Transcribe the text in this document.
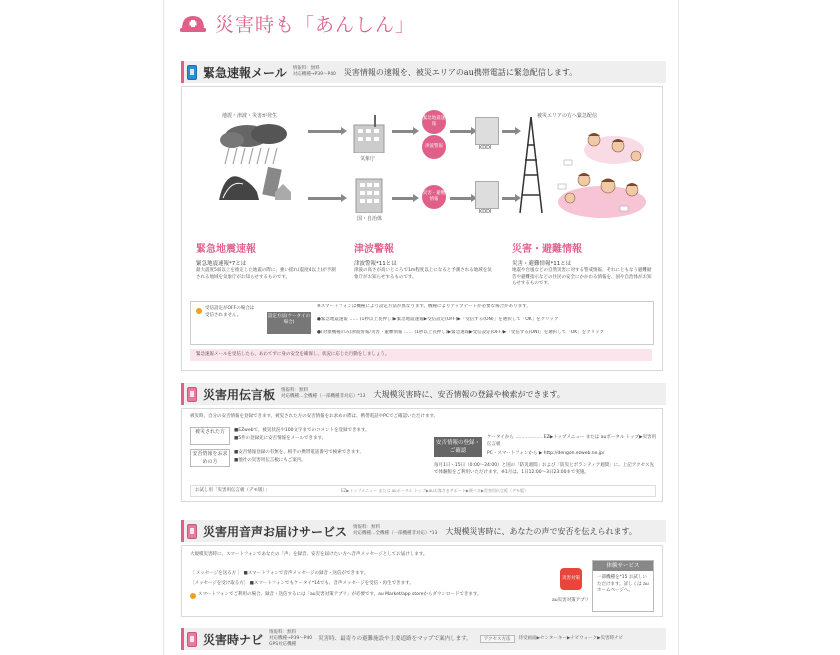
災害時も「あんしん」
緊急速報メール 情報料：無料
対応機種→P39〜P40 災害情報の速報を、被災エリアのau携帯電話に緊急配信します。
地震・津波・災害が発生
気象庁
国・自治体
緊急地震速報
津波警報
災害・避難情報
KDDI
KDDI
被災エリアの方へ緊急配信
緊急地震速報
緊急地震速報*7とは
最大震度5弱以上を推定した地震の際に、強い揺れ(震度4以上)が予測される地域を気象庁がお知らせするものです。
津波警報
津波警報*11とは
津波の高さが高いところで1m程度以上になると予測される地域を気象庁がお知らせするものです。
災害・避難情報
災害・避難情報*11とは
地震や台風などの自然災害に対する警戒情報、それにともなう避難勧告や避難指示などの住民の安全にかかわる情報を、国や自治体がお知らせするものです。
受信設定がOFFの場合は受信されません。	設定方法(ケータイの場合)
※スマートフォンは機種により設定方法が異なります。機種によりアップデートが必要な場合があります。
●緊急地震速報 …… (1秒以上長押し)▶緊急地震速報▶受信設定(OFF)▶「受信する(ON)」を選択して「OK」をクリック
●(対象機種のみ)津波警報/災害・避難情報 …… (1秒以上長押し)▶緊急速報▶受信設定(OFF)▶「受信する(ON)」を選択して「OK」をクリック
緊急速報メールを受信したら、あわてずに身の安全を確保し、状況に応じた行動をしましょう。
災害用伝言板 情報料：無料
対応機種…全機種（一部機種非対応）*13 大規模災害時に、安否情報の登録や検索ができます。
被災時、自分の安否情報を登録できます。被災された方の安否情報をお求めの際は、携帯電話やPCでご確認いただけます。
被災された方	■EZwebで、被災状況や100文字までのコメントを登録できます。
■5件の登録先に安否情報をメールできます。
安否情報をお求めの方
■安否情報登録の有無を、相手の携帯電話番号で検索できます。
■他社の災害用伝言板にもご案内。
安否情報の登録・ご確認
ケータイから ……………… EZ▶トップメニュー または auポータル トップ▶災害用伝言板
PC・スマートフォンから ▶ http://dengon.ezweb.ne.jp/
毎月1日・15日（0:00〜24:00）と国の「防災週間」および「防災とボランティア週間」に、上記アクセス先で体験版をご利用いただけます。※1月は、1日12:00〜3日23:00まで実施。
お試し用「災害用伝言板（デモ版）」	EZ▶トップメニュー または auポータル トップ▶auお客さまサポート▶便べる▶災害用伝言板（デモ版）
災害用音声お届けサービス 情報料：無料
対応機種…全機種（一部機種非対応）*13 大規模災害時に、あなたの声で安否を伝えられます。
大規模災害時に、スマートフォンであなたの「声」を録音、安否を届けたい方へ音声メッセージとしてお届けします。
〔 メッセージを送る方 〕 ■スマートフォンで音声メッセージの録音・送信ができます。
〔メッセージを受け取る方〕 ■スマートフォンでもケータイ*14でも、音声メッセージを受信・再生できます。
スマートフォンでご利用の場合、録音・送信するには「au災害対策アプリ」が必要です。au Market/app storeからダウンロードできます。
災害対策
au災害対策アプリ
体験サービス
一部機種を*15 お試しいただけます。詳しくは auホームページへ。
災害時ナビ 情報料：無料
対応機種→P39〜P40
GPS対応機種
災害時、最寄りの避難施設や主要道路をマップで案内します。	アクセス方法	待受画面▶センターキー▶ナビウォーク▶災害時ナビ
